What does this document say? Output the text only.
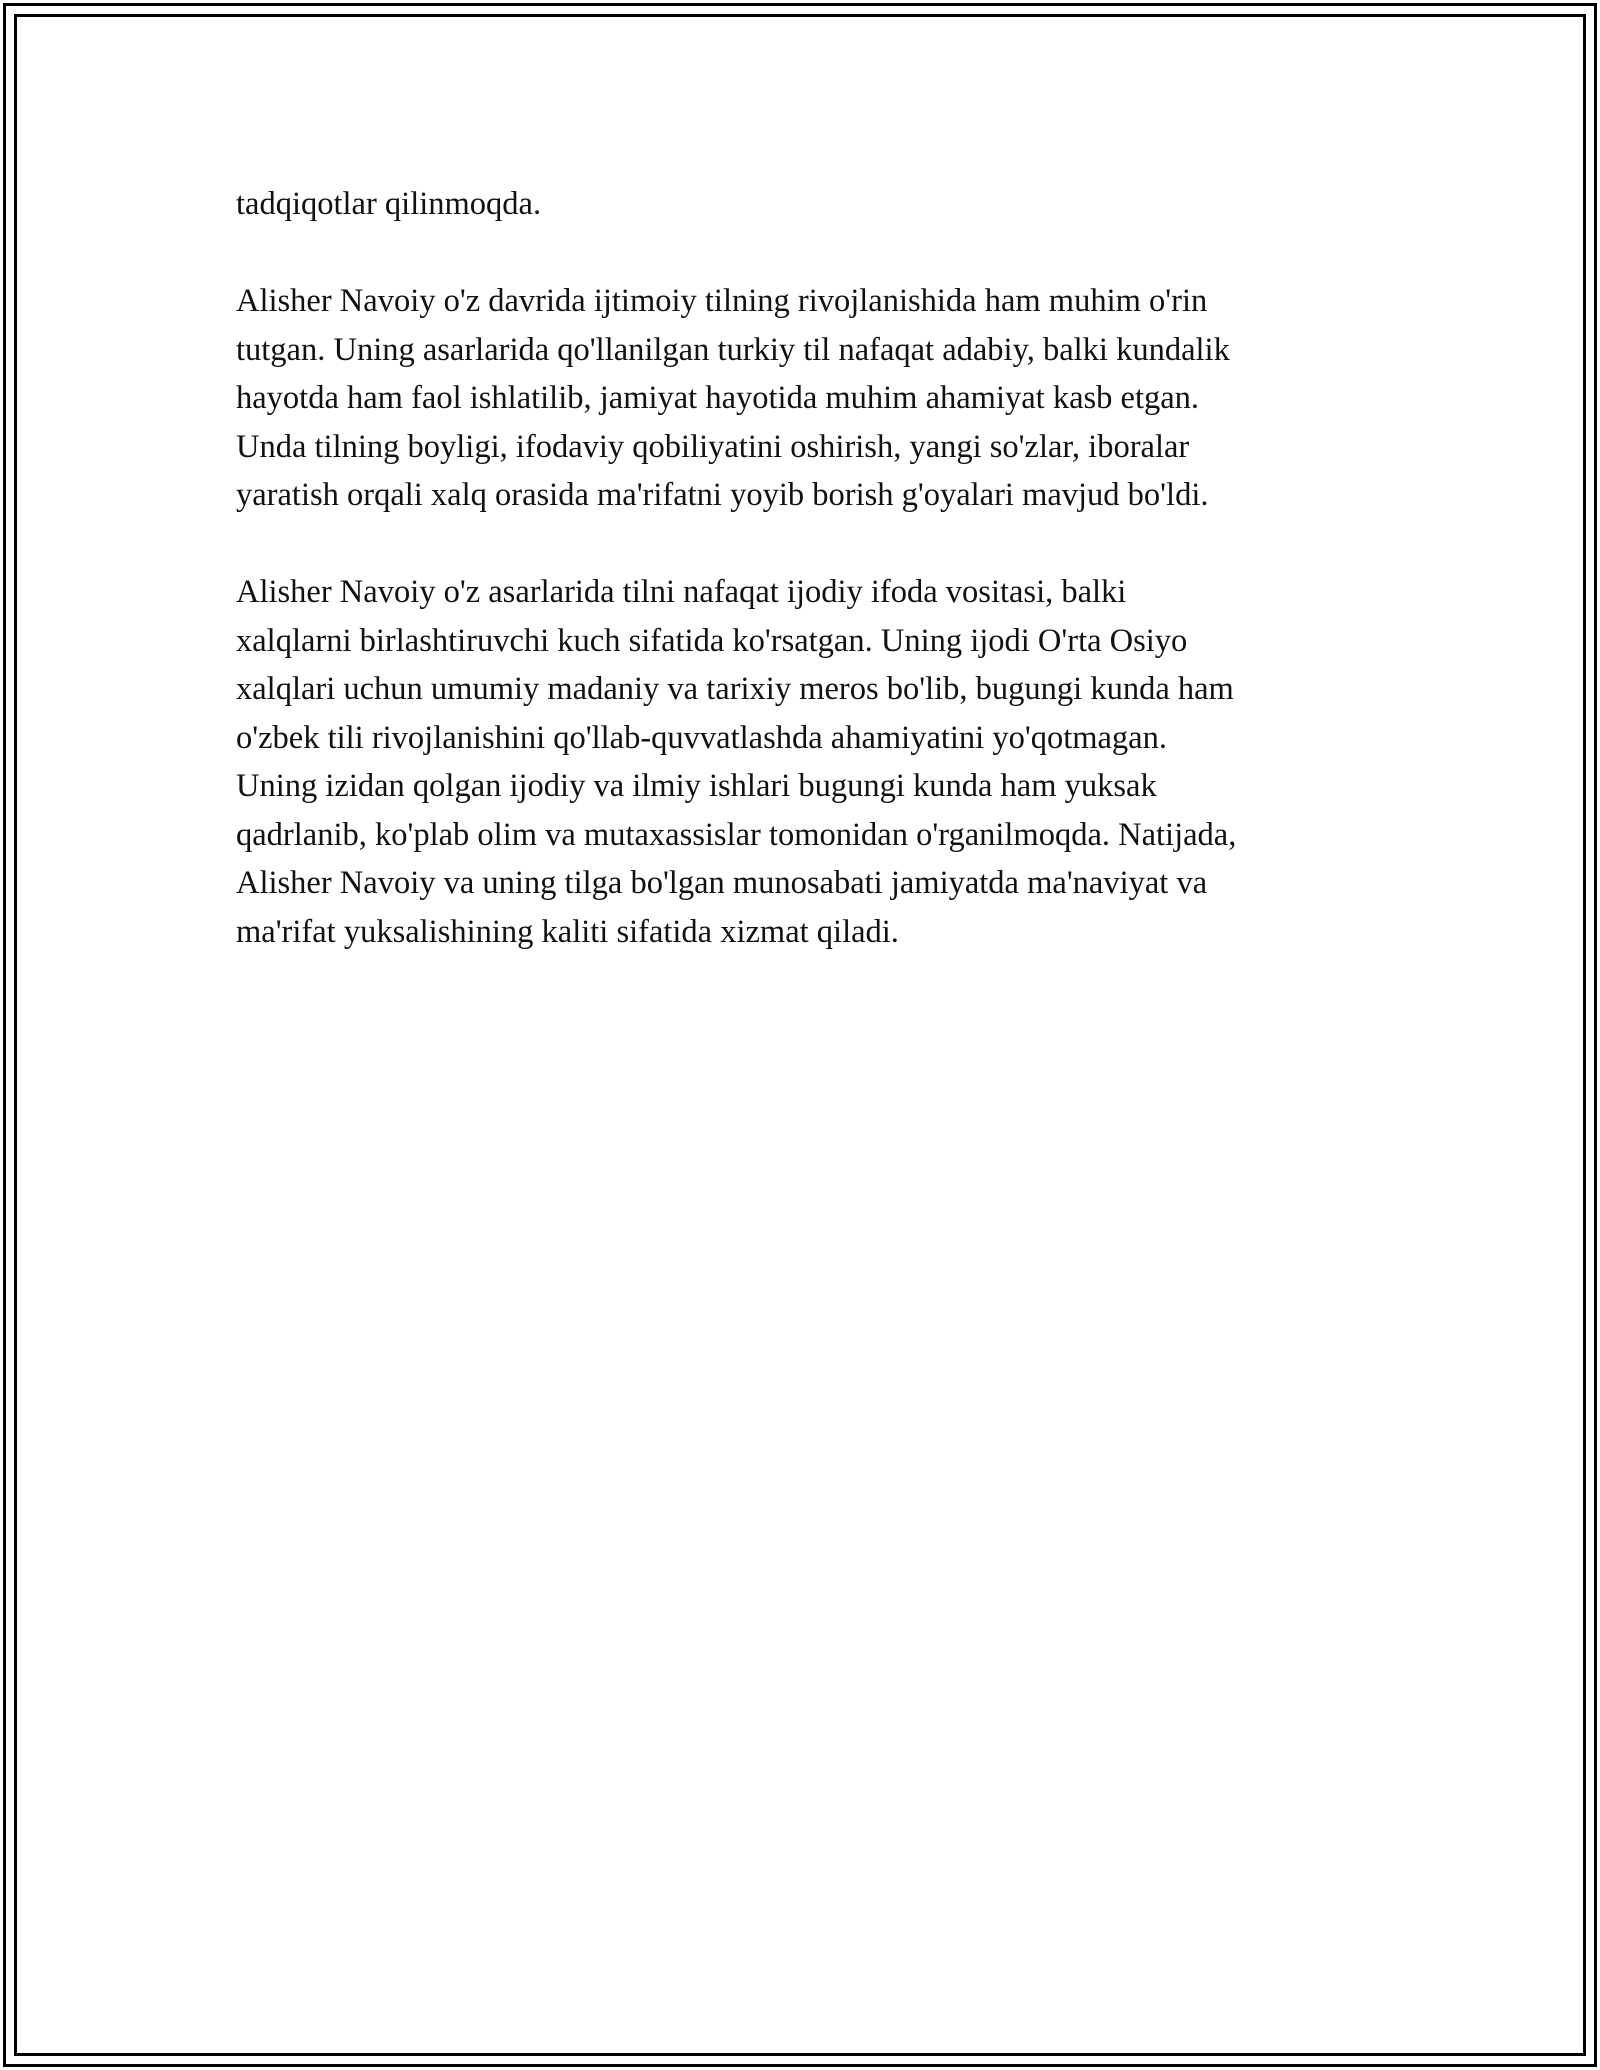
tadqiqotlar qilinmoqda.
Alisher Navoiy o'z davrida ijtimoiy tilning rivojlanishida ham muhim o'rin
tutgan. Uning asarlarida qo'llanilgan turkiy til nafaqat adabiy, balki kundalik
hayotda ham faol ishlatilib, jamiyat hayotida muhim ahamiyat kasb etgan.
Unda tilning boyligi, ifodaviy qobiliyatini oshirish, yangi so'zlar, iboralar
yaratish orqali xalq orasida ma'rifatni yoyib borish g'oyalari mavjud bo'ldi.
Alisher Navoiy o'z asarlarida tilni nafaqat ijodiy ifoda vositasi, balki
xalqlarni birlashtiruvchi kuch sifatida ko'rsatgan. Uning ijodi O'rta Osiyo
xalqlari uchun umumiy madaniy va tarixiy meros bo'lib, bugungi kunda ham
o'zbek tili rivojlanishini qo'llab-quvvatlashda ahamiyatini yo'qotmagan.
Uning izidan qolgan ijodiy va ilmiy ishlari bugungi kunda ham yuksak
qadrlanib, ko'plab olim va mutaxassislar tomonidan o'rganilmoqda. Natijada,
Alisher Navoiy va uning tilga bo'lgan munosabati jamiyatda ma'naviyat va
ma'rifat yuksalishining kaliti sifatida xizmat qiladi.
